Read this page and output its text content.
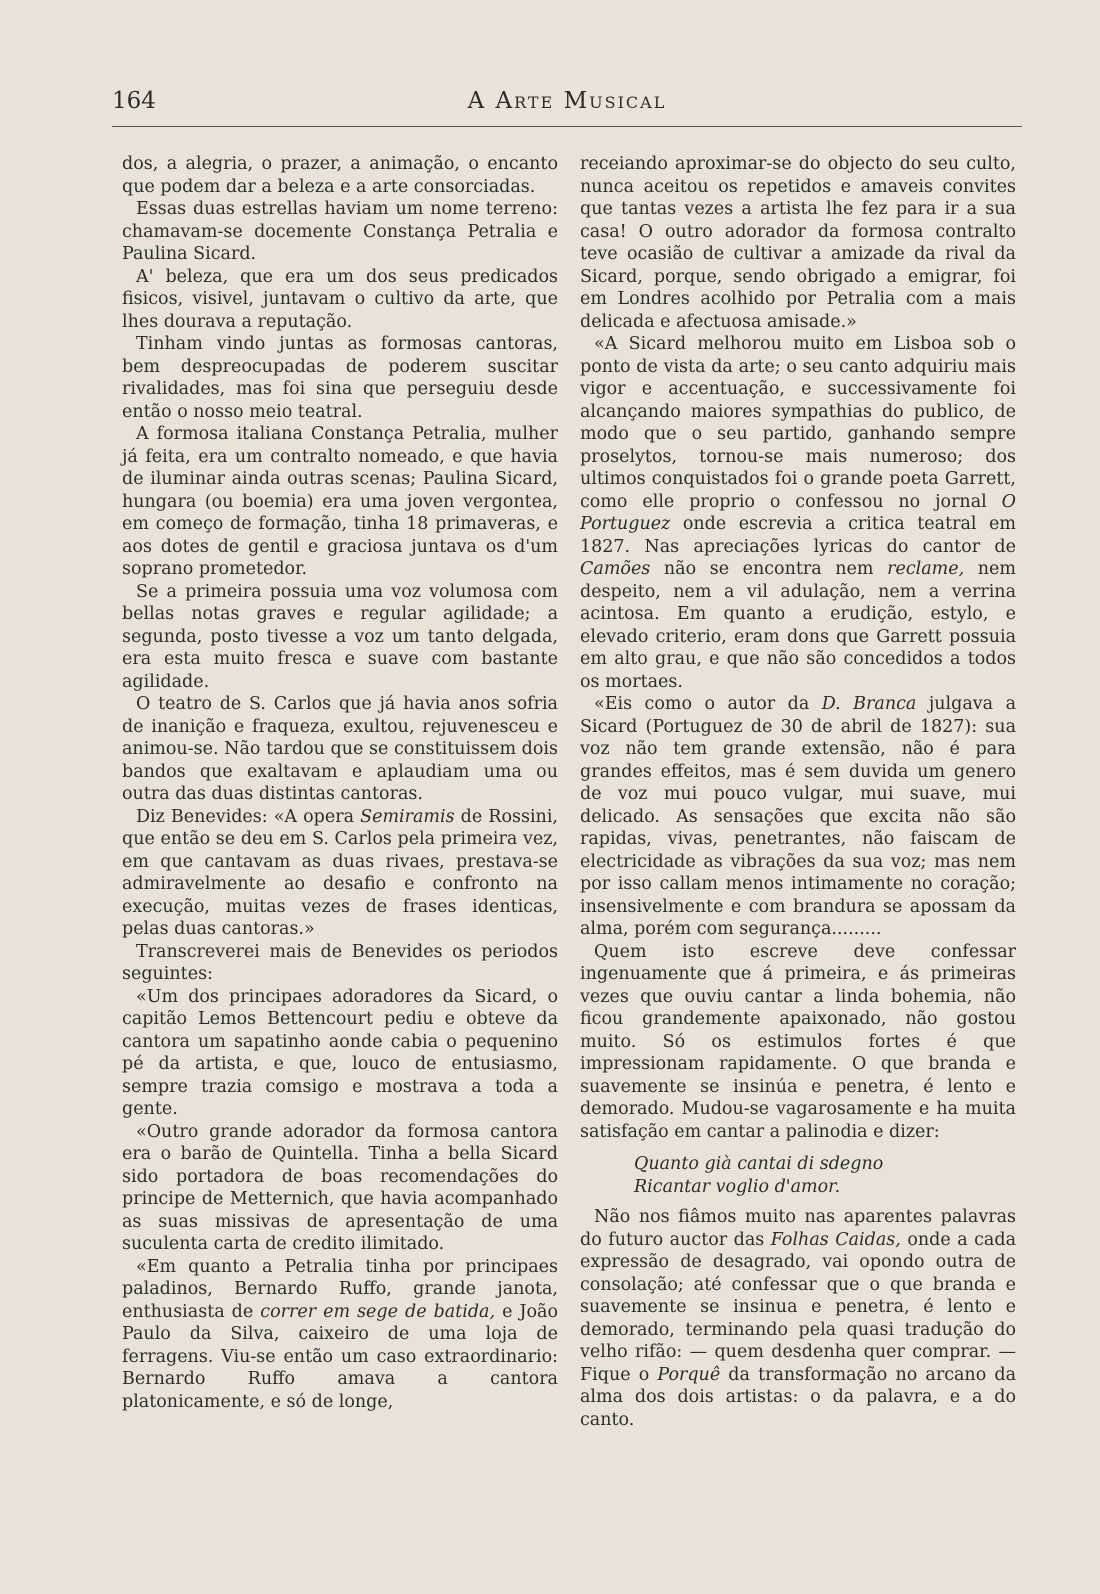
164	A Arte Musical

dos, a alegria, o prazer, a animação, o encanto que podem dar a beleza e a arte consorciadas.

Essas duas estrellas haviam um nome terreno: chamavam-se docemente Constança Petralia e Paulina Sicard.

A' beleza, que era um dos seus predicados fisicos, visivel, juntavam o cultivo da arte, que lhes dourava a reputação.

Tinham vindo juntas as formosas cantoras, bem despreocupadas de poderem suscitar rivalidades, mas foi sina que perseguiu desde então o nosso meio teatral.

A formosa italiana Constança Petralia, mulher já feita, era um contralto nomeado, e que havia de iluminar ainda outras scenas; Paulina Sicard, hungara (ou boemia) era uma joven vergontea, em começo de formação, tinha 18 primaveras, e aos dotes de gentil e graciosa juntava os d'um soprano prometedor.

Se a primeira possuia uma voz volumosa com bellas notas graves e regular agilidade; a segunda, posto tivesse a voz um tanto delgada, era esta muito fresca e suave com bastante agilidade.

O teatro de S. Carlos que já havia anos sofria de inanição e fraqueza, exultou, rejuvenesceu e animou-se. Não tardou que se constituissem dois bandos que exaltavam e aplaudiam uma ou outra das duas distintas cantoras.

Diz Benevides: «A opera Semiramis de Rossini, que então se deu em S. Carlos pela primeira vez, em que cantavam as duas rivaes, prestava-se admiravelmente ao desafio e confronto na execução, muitas vezes de frases identicas, pelas duas cantoras.»

Transcreverei mais de Benevides os periodos seguintes:

«Um dos principaes adoradores da Sicard, o capitão Lemos Bettencourt pediu e obteve da cantora um sapatinho aonde cabia o pequenino pé da artista, e que, louco de entusiasmo, sempre trazia comsigo e mostrava a toda a gente.

«Outro grande adorador da formosa cantora era o barão de Quintella. Tinha a bella Sicard sido portadora de boas recomendações do principe de Metternich, que havia acompanhado as suas missivas de apresentação de uma suculenta carta de credito ilimitado.

«Em quanto a Petralia tinha por principaes paladinos, Bernardo Ruffo, grande janota, enthusiasta de correr em sege de batida, e João Paulo da Silva, caixeiro de uma loja de ferragens. Viu-se então um caso extraordinario: Bernardo Ruffo amava a cantora platonicamente, e só de longe,

receiando aproximar-se do objecto do seu culto, nunca aceitou os repetidos e amaveis convites que tantas vezes a artista lhe fez para ir a sua casa! O outro adorador da formosa contralto teve ocasião de cultivar a amizade da rival da Sicard, porque, sendo obrigado a emigrar, foi em Londres acolhido por Petralia com a mais delicada e afectuosa amisade.»

«A Sicard melhorou muito em Lisboa sob o ponto de vista da arte; o seu canto adquiriu mais vigor e accentuação, e successivamente foi alcançando maiores sympathias do publico, de modo que o seu partido, ganhando sempre proselytos, tornou-se mais numeroso; dos ultimos conquistados foi o grande poeta Garrett, como elle proprio o confessou no jornal O Portuguez onde escrevia a critica teatral em 1827. Nas apreciações lyricas do cantor de Camões não se encontra nem reclame, nem despeito, nem a vil adulação, nem a verrina acintosa. Em quanto a erudição, estylo, e elevado criterio, eram dons que Garrett possuia em alto grau, e que não são concedidos a todos os mortaes.

«Eis como o autor da D. Branca julgava a Sicard (Portuguez de 30 de abril de 1827): sua voz não tem grande extensão, não é para grandes effeitos, mas é sem duvida um genero de voz mui pouco vulgar, mui suave, mui delicado. As sensações que excita não são rapidas, vivas, penetrantes, não faiscam de electricidade as vibrações da sua voz; mas nem por isso callam menos intimamente no coração; insensivelmente e com brandura se apossam da alma, porém com segurança.........

Quem isto escreve deve confessar ingenuamente que á primeira, e ás primeiras vezes que ouviu cantar a linda bohemia, não ficou grandemente apaixonado, não gostou muito. Só os estimulos fortes é que impressionam rapidamente. O que branda e suavemente se insinúa e penetra, é lento e demorado. Mudou-se vagarosamente e ha muita satisfação em cantar a palinodia e dizer:

Quanto già cantai di sdegno
Ricantar voglio d'amor.

Não nos fiâmos muito nas aparentes palavras do futuro auctor das Folhas Caidas, onde a cada expressão de desagrado, vai opondo outra de consolação; até confessar que o que branda e suavemente se insinua e penetra, é lento e demorado, terminando pela quasi tradução do velho rifão: — quem desdenha quer comprar. — Fique o Porquê da transformação no arcano da alma dos dois artistas: o da palavra, e a do canto.
